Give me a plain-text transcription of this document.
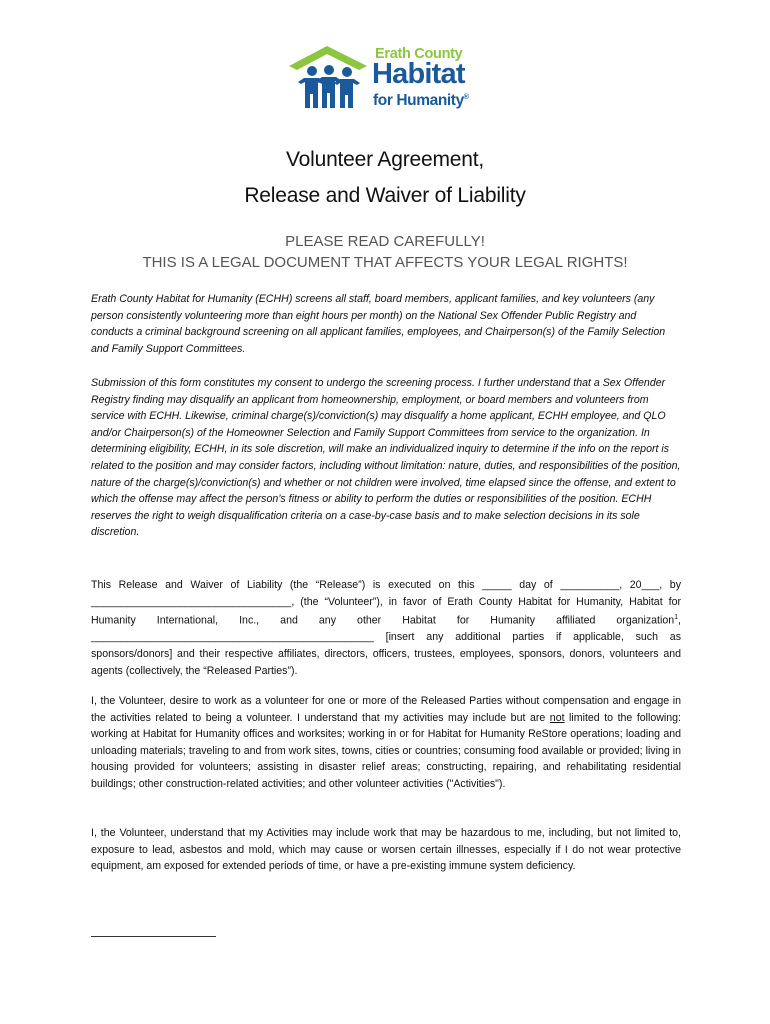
Erath County
Habitat
for Humanity®
Volunteer Agreement,
Release and Waiver of Liability
PLEASE READ CAREFULLY!
THIS IS A LEGAL DOCUMENT THAT AFFECTS YOUR LEGAL RIGHTS!

Erath County Habitat for Humanity (ECHH) screens all staff, board members, applicant families, and key volunteers (any person consistently volunteering more than eight hours per month) on the National Sex Offender Public Registry and conducts a criminal background screening on all applicant families, employees, and Chairperson(s) of the Family Selection and Family Support Committees.

Submission of this form constitutes my consent to undergo the screening process. I further understand that a Sex Offender Registry finding may disqualify an applicant from homeownership, employment, or board members and volunteers from service with ECHH. Likewise, criminal charge(s)/conviction(s) may disqualify a home applicant, ECHH employee, and QLO and/or Chairperson(s) of the Homeowner Selection and Family Support Committees from service to the organization. In determining eligibility, ECHH, in its sole discretion, will make an individualized inquiry to determine if the info on the report is related to the position and may consider factors, including without limitation: nature, duties, and responsibilities of the position, nature of the charge(s)/conviction(s) and whether or not children were involved, time elapsed since the offense, and extent to which the offense may affect the person’s fitness or ability to perform the duties or responsibilities of the position. ECHH reserves the right to weigh disqualification criteria on a case-by-case basis and to make selection decisions in its sole discretion.

This Release and Waiver of Liability (the “Release”) is executed on this _____ day of __________, 20___, by __________________________________, (the “Volunteer”), in favor of Erath County Habitat for Humanity, Habitat for Humanity International, Inc., and any other Habitat for Humanity affiliated organization$^1$, ________________________________________________ [insert any additional parties if applicable, such as sponsors/donors] and their respective affiliates, directors, officers, trustees, employees, sponsors, donors, volunteers and agents (collectively, the “Released Parties”).

I, the Volunteer, desire to work as a volunteer for one or more of the Released Parties without compensation and engage in the activities related to being a volunteer. I understand that my activities may include but are not limited to the following: working at Habitat for Humanity offices and worksites; working in or for Habitat for Humanity ReStore operations; loading and unloading materials; traveling to and from work sites, towns, cities or countries; consuming food available or provided; living in housing provided for volunteers; assisting in disaster relief areas; constructing, repairing, and rehabilitating residential buildings; other construction-related activities; and other volunteer activities ("Activities").

I, the Volunteer, understand that my Activities may include work that may be hazardous to me, including, but not limited to, exposure to lead, asbestos and mold, which may cause or worsen certain illnesses, especially if I do not wear protective equipment, am exposed for extended periods of time, or have a pre-existing immune system deficiency.
